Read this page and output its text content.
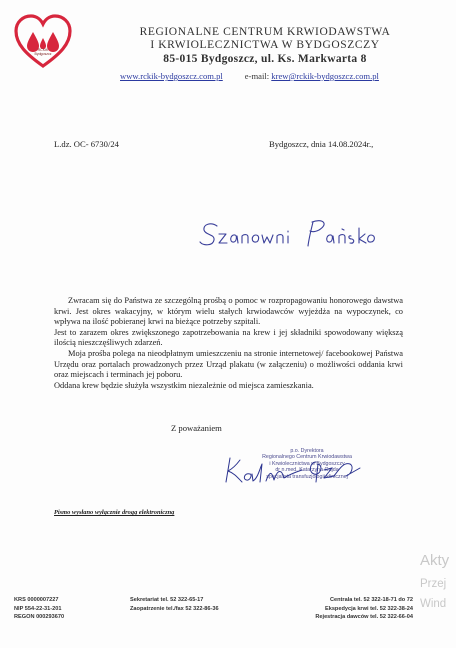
RCKIK
Bydgoszcz
REGIONALNE CENTRUM KRWIODAWSTWA
I KRWIOLECZNICTWA W BYDGOSZCZY
85-015 Bydgoszcz, ul. Ks. Markwarta 8
www.rckik-bydgoszcz.com.pl	e-mail: krew@rckik-bydgoszcz.com.pl
L.dz. OC- 6730/24	Bydgoszcz, dnia 14.08.2024r.,

Zwracam się do Państwa ze szczególną prośbą o pomoc w rozpropagowaniu honorowego dawstwa krwi. Jest okres wakacyjny, w którym wielu stałych krwiodawców wyjeżdża na wypoczynek, co wpływa na ilość pobieranej krwi na bieżące potrzeby szpitali.

Jest to zarazem okres zwiększonego zapotrzebowania na krew i jej składniki spowodowany większą ilością nieszczęśliwych zdarzeń.

Moja prośba polega na nieodpłatnym umieszczeniu na stronie internetowej/ facebookowej Państwa Urzędu oraz portalach prowadzonych przez Urząd plakatu (w załączeniu) o możliwości oddania krwi oraz miejscach i terminach jej poboru.

Oddana krew będzie służyła wszystkim niezależnie od miejsca zamieszkania.

Z poważaniem
p.o. Dyrektora
Regionalnego Centrum Krwiodawstwa
i Krwiolecznictwa w Bydgoszczy
dr n.med. Katarzyna Gajda
specjalista transfuzjologii klinicznej
Pismo wysłano wyłącznie drogą elektroniczną
Akty
Przej
Wind
KRS 0000007227
NIP 554-22-31-201
REGON 000293670
Sekretariat tel. 52 322-65-17
Zaopatrzenie tel./fax 52 322-86-36
Centrala tel. 52 322-18-71 do 72
Ekspedycja krwi tel. 52 322-38-24
Rejestracja dawców tel. 52 322-66-04
